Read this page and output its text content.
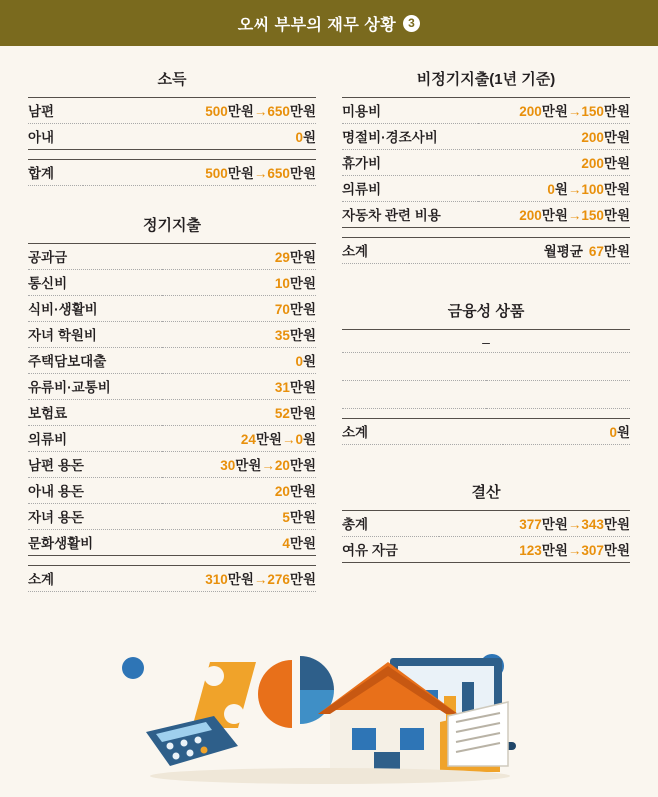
오씨 부부의 재무 상황 3
소득
남편	500만원→650만원
아내	0원
합계	500만원→650만원
정기지출
공과금	29만원
통신비	10만원
식비·생활비	70만원
자녀 학원비	35만원
주택담보대출	0원
유류비·교통비	31만원
보험료	52만원
의류비	24만원→0원
남편 용돈	30만원→20만원
아내 용돈	20만원
자녀 용돈	5만원
문화생활비	4만원
소계	310만원→276만원
비정기지출(1년 기준)
미용비	200만원→150만원
명절비·경조사비	200만원
휴가비	200만원
의류비	0원→100만원
자동차 관련 비용	200만원→150만원
소계	월평균 67만원
금융성 상품
–

소계	0원
결산
총계	377만원→343만원
여유 자금	123만원→307만원
